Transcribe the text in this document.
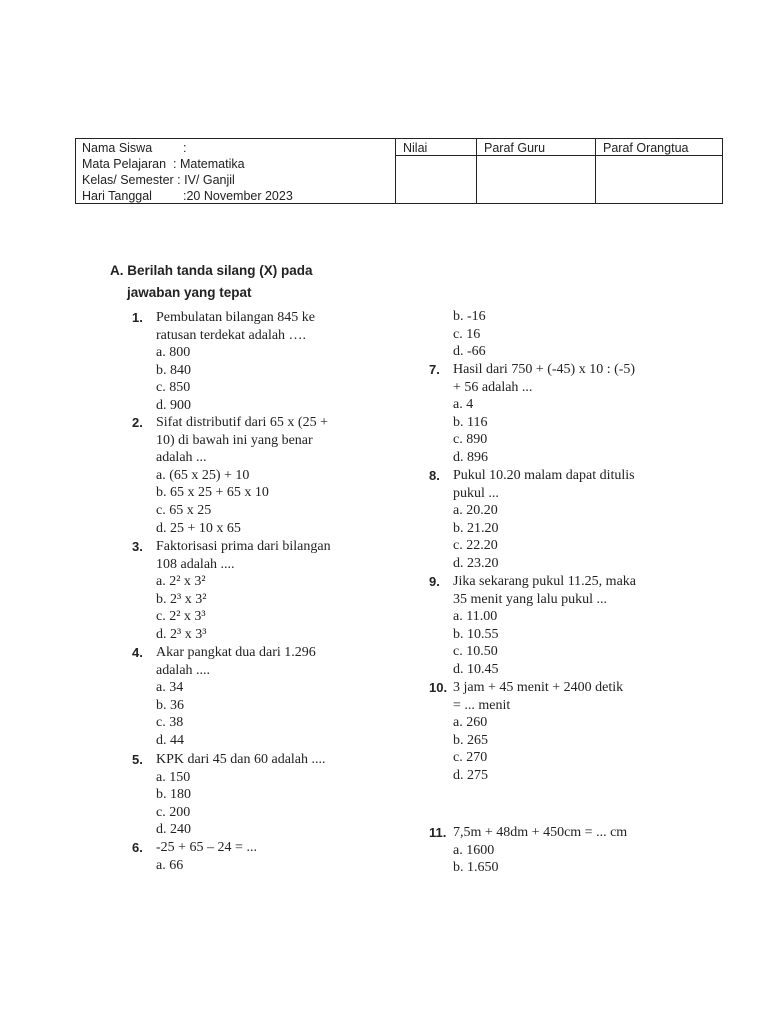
Nama Siswa :
Mata Pelajaran  : Matematika
Kelas/ Semester : IV/ Ganjil
Hari Tanggal :20 November 2023
Nilai	Paraf Guru	Paraf Orangtua
A. Berilah tanda silang (X) pada
jawaban yang tepat
1. Pembulatan bilangan 845 ke
ratusan terdekat adalah ….
a. 800
b. 840
c. 850
d. 900
2. Sifat distributif dari 65 x (25 +
10) di bawah ini yang benar
adalah ...
a. (65 x 25) + 10
b. 65 x 25 + 65 x 10
c. 65 x 25
d. 25 + 10 x 65
3. Faktorisasi prima dari bilangan
108 adalah ....
a. 2² x 3²
b. 2³ x 3²
c. 2² x 3³
d. 2³ x 3³
4. Akar pangkat dua dari 1.296
adalah ....
a. 34
b. 36
c. 38
d. 44
5. KPK dari 45 dan 60 adalah ....
a. 150
b. 180
c. 200
d. 240
6. -25 + 65 – 24 = ...
a. 66
b. -16
c. 16
d. -66
7. Hasil dari 750 + (-45) x 10 : (-5)
+ 56 adalah ...
a. 4
b. 116
c. 890
d. 896
8. Pukul 10.20 malam dapat ditulis
pukul ...
a. 20.20
b. 21.20
c. 22.20
d. 23.20
9. Jika sekarang pukul 11.25, maka
35 menit yang lalu pukul ...
a. 11.00
b. 10.55
c. 10.50
d. 10.45
10. 3 jam + 45 menit + 2400 detik
= ... menit
a. 260
b. 265
c. 270
d. 275
11. 7,5m + 48dm + 450cm = ... cm
a. 1600
b. 1.650
